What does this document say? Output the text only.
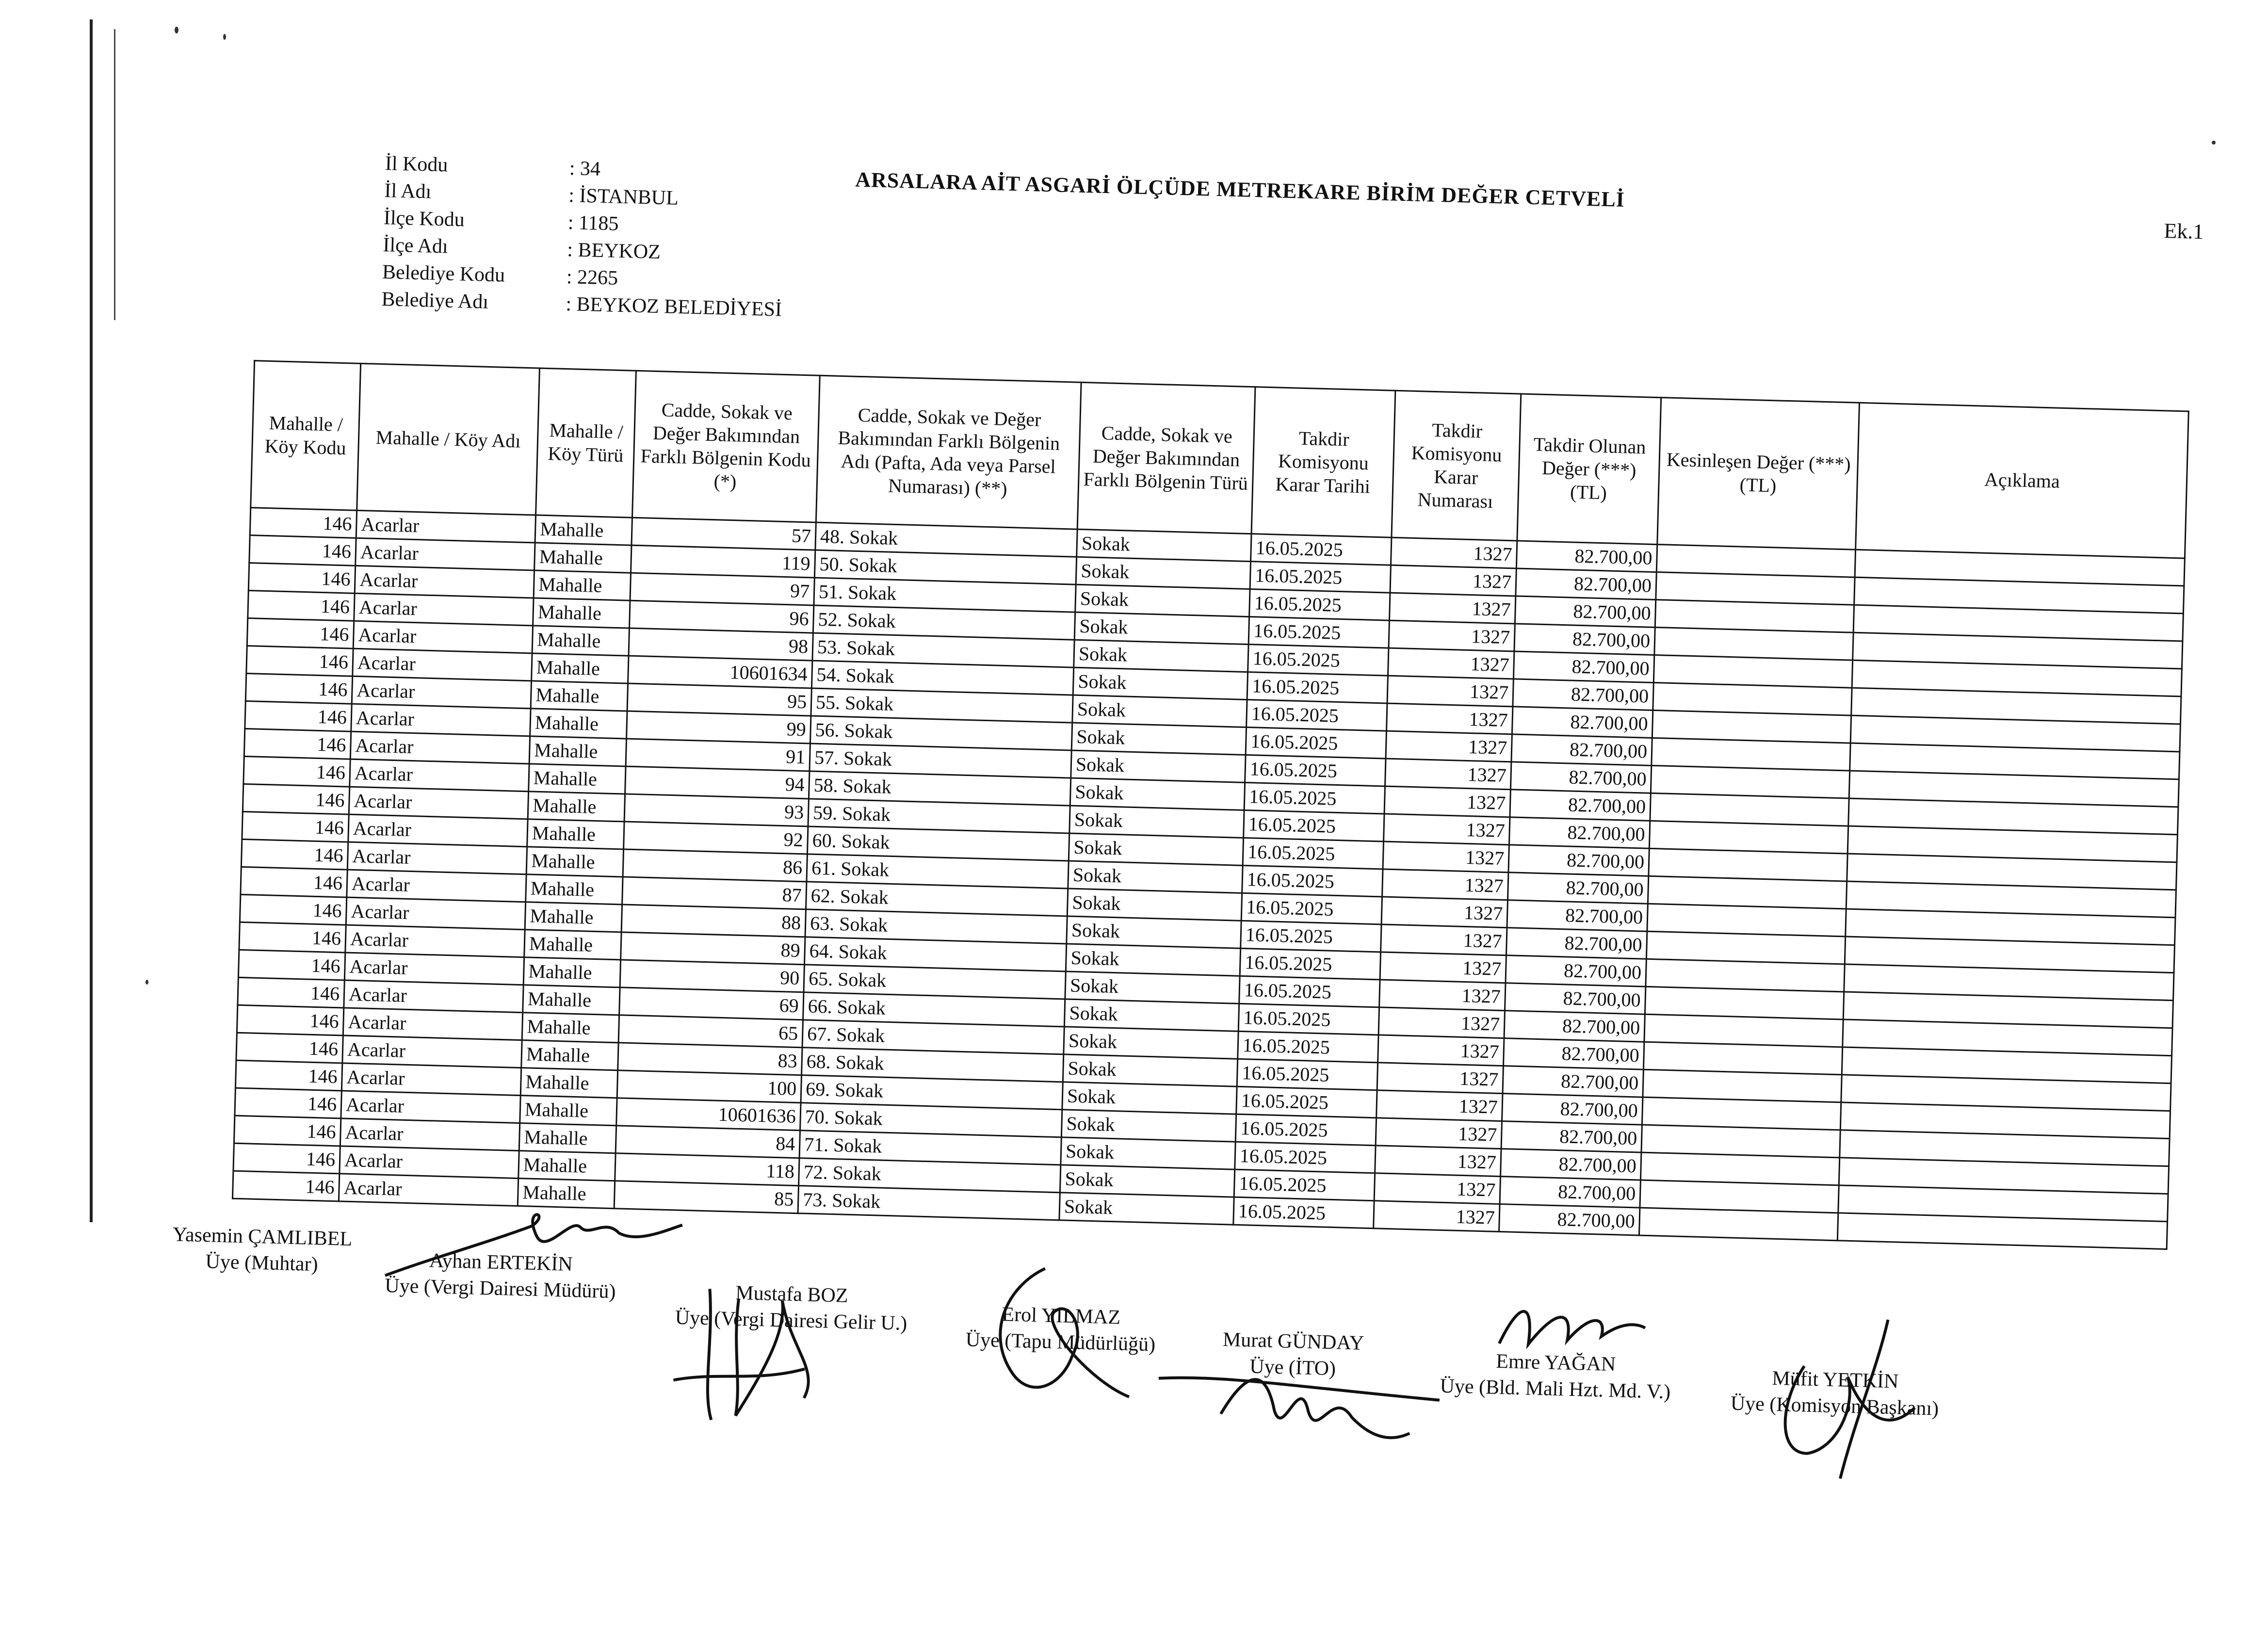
İl Kodu	: 34
İl Adı	: İSTANBUL
İlçe Kodu	: 1185
İlçe Adı	: BEYKOZ
Belediye Kodu	: 2265
Belediye Adı	: BEYKOZ BELEDİYESİ
ARSALARA AİT ASGARİ ÖLÇÜDE METREKARE BİRİM DEĞER CETVELİ
Ek.1
Mahalle / Köy Kodu	Mahalle / Köy Adı	Mahalle / Köy Türü	Cadde, Sokak ve Değer Bakımından Farklı Bölgenin Kodu (*)	Cadde, Sokak ve Değer Bakımından Farklı Bölgenin Adı (Pafta, Ada veya Parsel Numarası) (**)	Cadde, Sokak ve Değer Bakımından Farklı Bölgenin Türü	Takdir Komisyonu Karar Tarihi	Takdir Komisyonu Karar Numarası	Takdir Olunan Değer (***) (TL)	Kesinleşen Değer (***) (TL)	Açıklama
146	Acarlar	Mahalle	57	48. Sokak	Sokak	16.05.2025	1327	82.700,00		
146	Acarlar	Mahalle	119	50. Sokak	Sokak	16.05.2025	1327	82.700,00		
146	Acarlar	Mahalle	97	51. Sokak	Sokak	16.05.2025	1327	82.700,00		
146	Acarlar	Mahalle	96	52. Sokak	Sokak	16.05.2025	1327	82.700,00		
146	Acarlar	Mahalle	98	53. Sokak	Sokak	16.05.2025	1327	82.700,00		
146	Acarlar	Mahalle	10601634	54. Sokak	Sokak	16.05.2025	1327	82.700,00		
146	Acarlar	Mahalle	95	55. Sokak	Sokak	16.05.2025	1327	82.700,00		
146	Acarlar	Mahalle	99	56. Sokak	Sokak	16.05.2025	1327	82.700,00		
146	Acarlar	Mahalle	91	57. Sokak	Sokak	16.05.2025	1327	82.700,00		
146	Acarlar	Mahalle	94	58. Sokak	Sokak	16.05.2025	1327	82.700,00		
146	Acarlar	Mahalle	93	59. Sokak	Sokak	16.05.2025	1327	82.700,00		
146	Acarlar	Mahalle	92	60. Sokak	Sokak	16.05.2025	1327	82.700,00		
146	Acarlar	Mahalle	86	61. Sokak	Sokak	16.05.2025	1327	82.700,00		
146	Acarlar	Mahalle	87	62. Sokak	Sokak	16.05.2025	1327	82.700,00		
146	Acarlar	Mahalle	88	63. Sokak	Sokak	16.05.2025	1327	82.700,00		
146	Acarlar	Mahalle	89	64. Sokak	Sokak	16.05.2025	1327	82.700,00		
146	Acarlar	Mahalle	90	65. Sokak	Sokak	16.05.2025	1327	82.700,00		
146	Acarlar	Mahalle	69	66. Sokak	Sokak	16.05.2025	1327	82.700,00		
146	Acarlar	Mahalle	65	67. Sokak	Sokak	16.05.2025	1327	82.700,00		
146	Acarlar	Mahalle	83	68. Sokak	Sokak	16.05.2025	1327	82.700,00		
146	Acarlar	Mahalle	100	69. Sokak	Sokak	16.05.2025	1327	82.700,00		
146	Acarlar	Mahalle	10601636	70. Sokak	Sokak	16.05.2025	1327	82.700,00		
146	Acarlar	Mahalle	84	71. Sokak	Sokak	16.05.2025	1327	82.700,00		
146	Acarlar	Mahalle	118	72. Sokak	Sokak	16.05.2025	1327	82.700,00		
146	Acarlar	Mahalle	85	73. Sokak	Sokak	16.05.2025	1327	82.700,00		
Yasemin ÇAMLIBEL
Üye (Muhtar)	Ayhan ERTEKİN
Üye (Vergi Dairesi Müdürü)	Mustafa BOZ
Üye (Vergi Dairesi Gelir U.)	Erol YILMAZ
Üye (Tapu Müdürlüğü)	Murat GÜNDAY
Üye (İTO)	Emre YAĞAN
Üye (Bld. Mali Hzt. Md. V.)	Müfit YETKİN
Üye (Komisyon Başkanı)
